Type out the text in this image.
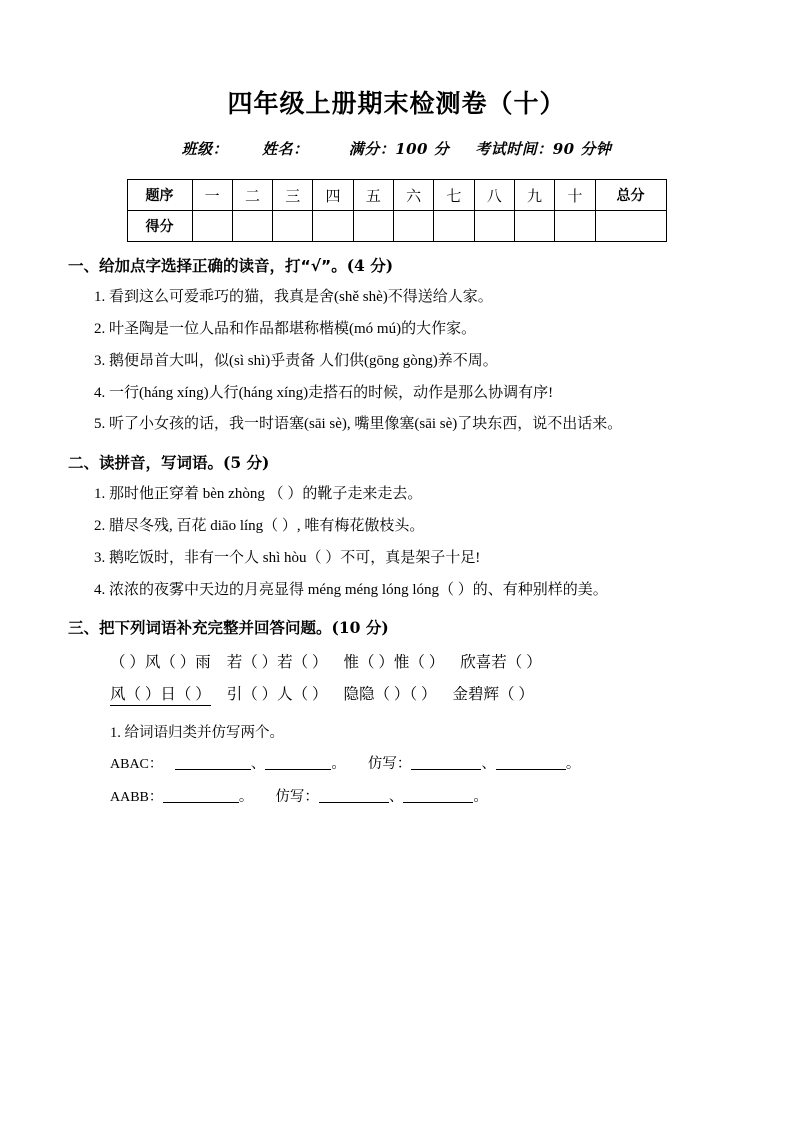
四年级上册期末检测卷（十）

班级： 姓名：	满分：100 分 考试时间：90 分钟

题序	一	二	三	四	五	六	七	八	九	十	总分
得分											

一、给加点字选择正确的读音，打“√”。(4 分)

1. 看到这么可爱乖巧的猫，我真是舍(shě shè)不得送给人家。

2. 叶圣陶是一位人品和作品都堪称楷模(mó mú)的大作家。

3. 鹅便昂首大叫，似(sì shì)乎责备 人们供(gōng gòng)养不周。

4. 一行(háng xíng)人行(háng xíng)走搭石的时候，动作是那么协调有序!

5. 听了小女孩的话，我一时语塞(sāi sè), 嘴里像塞(sāi sè)了块东西，说不出话来。

二、读拼音，写词语。(5 分)

1. 那时他正穿着 bèn zhòng （ ）的靴子走来走去。

2. 腊尽冬残, 百花 diāo líng（ ）, 唯有梅花傲枝头。

3. 鹅吃饭时，非有一个人 shì hòu（ ）不可，真是架子十足!

4. 浓浓的夜雾中天边的月亮显得 méng méng lóng lóng（ ）的、有种别样的美。

三、把下列词语补充完整并回答问题。(10 分)

（ ）风（ ）雨 若（ ）若（ ） 惟（ ）惟（ ） 欣喜若（ ）

风（ ）日（ ） 引（ ）人（ ） 隐隐（ ）（ ） 金碧辉（ ）

1. 给词语归类并仿写两个。

ABAC：	、	。 仿写：	、	。

AABB：	。 仿写：	、	。
